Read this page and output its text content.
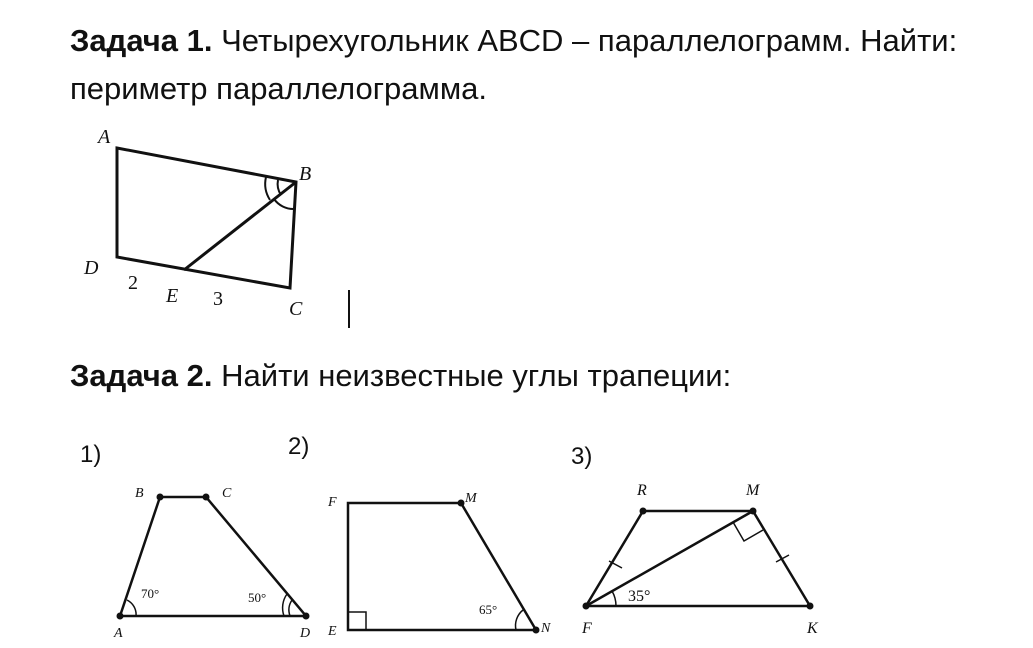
Задача 1. Четырехугольник ABCD – параллелограмм. Найти:
периметр параллелограмма.
Задача 2. Найти неизвестные углы трапеции:
1)	2)	3)
A
B
C
D
E
2
3
B	C
A	D
70°	50°
F	M
N
E
65°
R	M
F	K
35°
